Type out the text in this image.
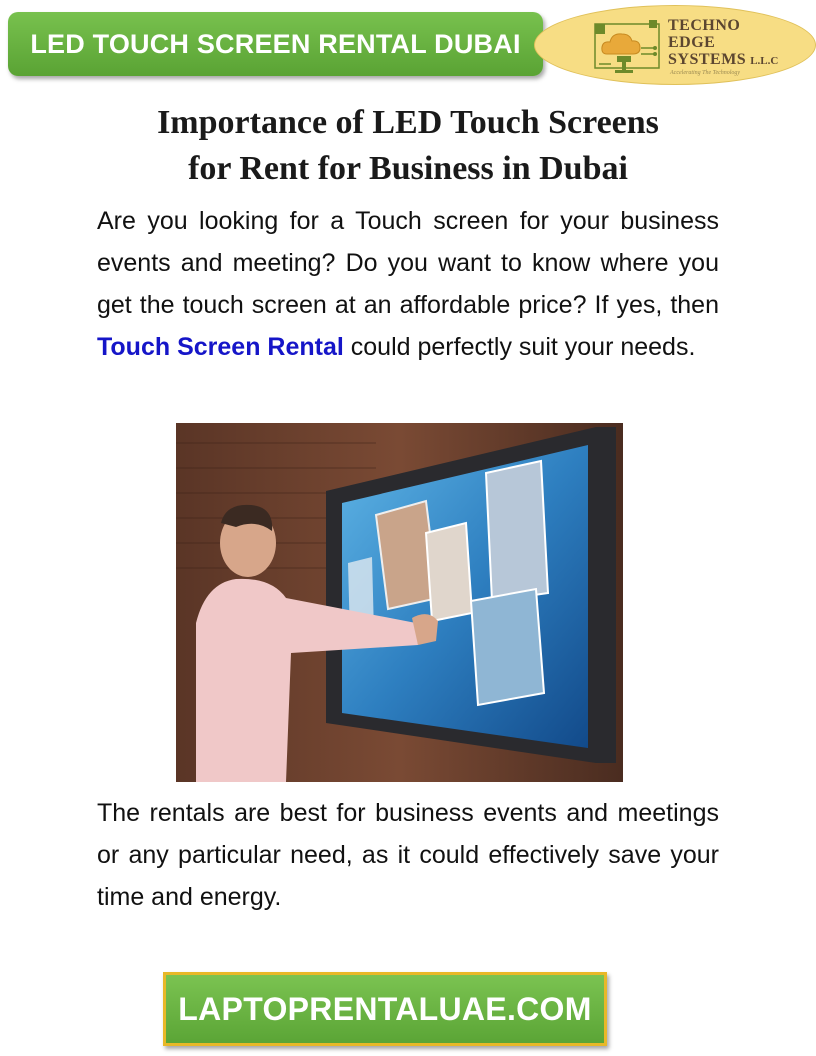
LED TOUCH SCREEN RENTAL DUBAI
TECHNO
EDGE
SYSTEMS L.L.C
Accelerating The Technology
Importance of LED Touch Screens
for Rent for Business in Dubai

Are you looking for a Touch screen for your business events and meeting? Do you want to know where you get the touch screen at an affordable price? If yes, then Touch Screen Rental could perfectly suit your needs.

The rentals are best for business events and meetings or any particular need, as it could effectively save your time and energy.

LAPTOPRENTALUAE.COM
